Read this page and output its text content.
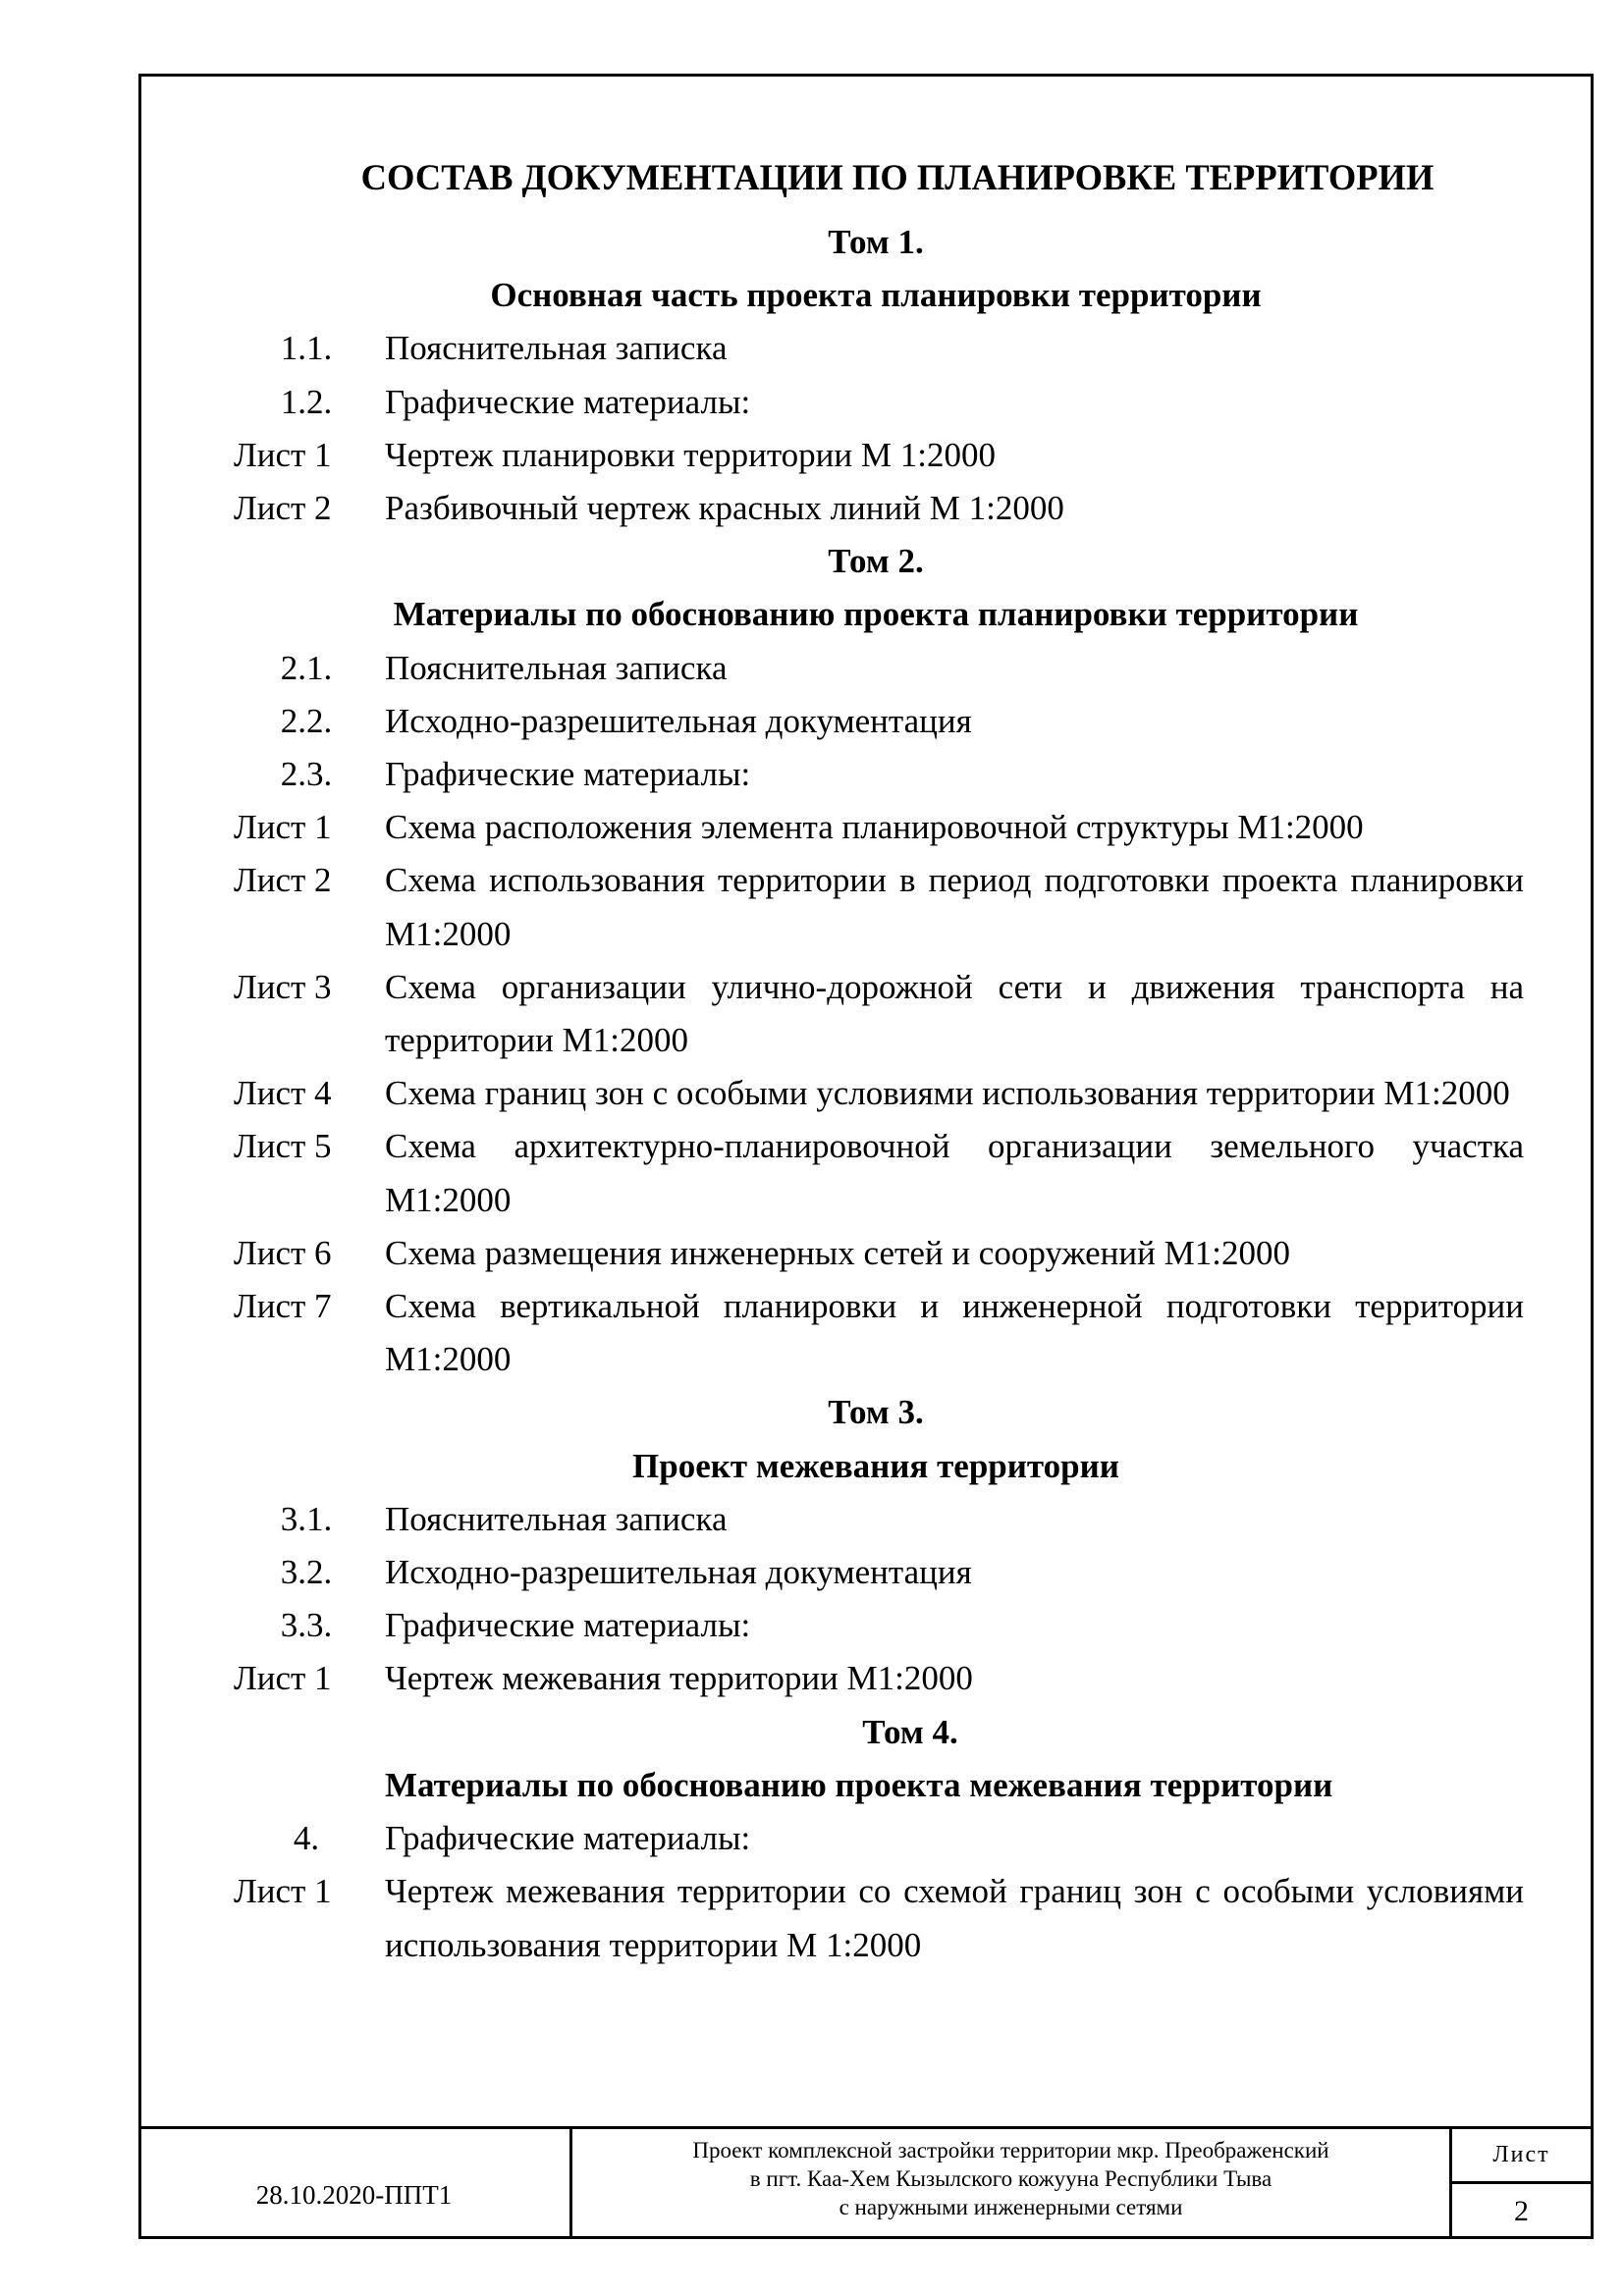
СОСТАВ ДОКУМЕНТАЦИИ ПО ПЛАНИРОВКЕ ТЕРРИТОРИИ
Том 1.
Основная часть проекта планировки территории
1.1.	Пояснительная записка
1.2.	Графические материалы:
Лист 1	Чертеж планировки территории М 1:2000
Лист 2	Разбивочный чертеж красных линий М 1:2000
Том 2.
Материалы по обоснованию проекта планировки территории
2.1.	Пояснительная записка
2.2.	Исходно-разрешительная документация
2.3.	Графические материалы:
Лист 1	Схема расположения элемента планировочной структуры М1:2000
Лист 2	Схема использования территории в период подготовки проекта планировки М1:2000
Лист 3	Схема организации улично-дорожной сети и движения транспорта на территории М1:2000
Лист 4	Схема границ зон с особыми условиями использования территории М1:2000
Лист 5	Схема архитектурно-планировочной организации земельного участка М1:2000
Лист 6	Схема размещения инженерных сетей и сооружений М1:2000
Лист 7	Схема вертикальной планировки и инженерной подготовки территории М1:2000
Том 3.
Проект межевания территории
3.1.	Пояснительная записка
3.2.	Исходно-разрешительная документация
3.3.	Графические материалы:
Лист 1	Чертеж межевания территории М1:2000
Том 4.
Материалы по обоснованию проекта межевания территории
4.	Графические материалы:
Лист 1	Чертеж межевания территории со схемой границ зон с особыми условиями использования территории М 1:2000
28.10.2020-ППТ1
Проект комплексной застройки территории мкр. Преображенский
в пгт. Каа-Хем Кызылского кожууна Республики Тыва
с наружными инженерными сетями
Лист
2
